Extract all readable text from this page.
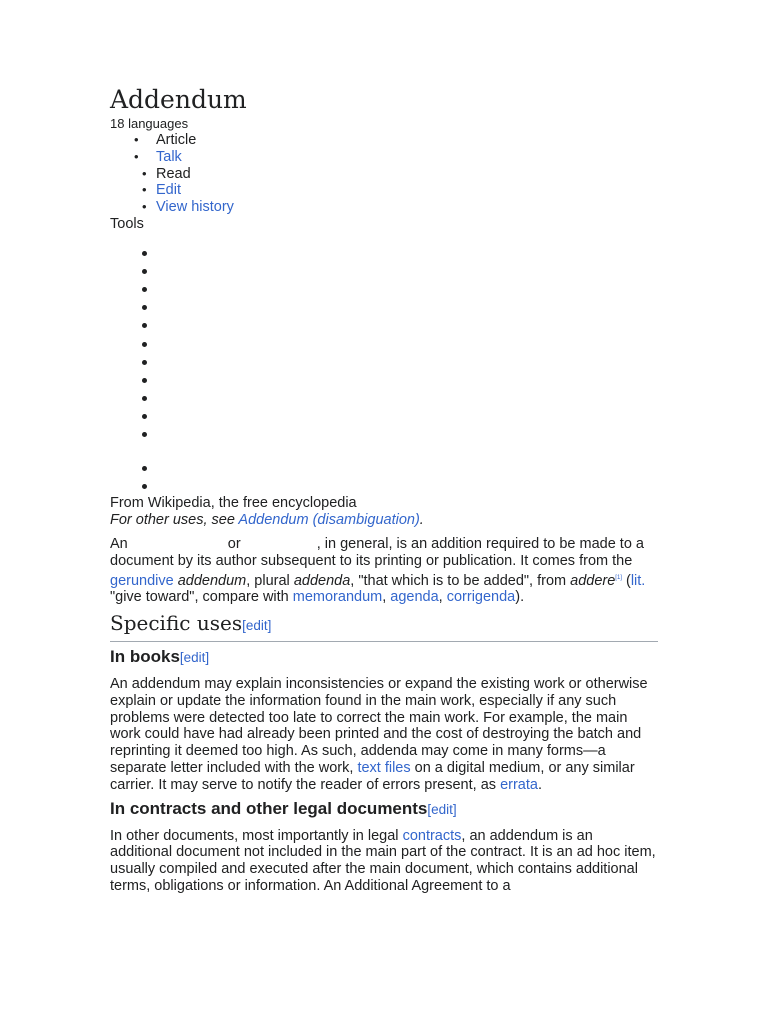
Addendum
18 languages
• Article
• Talk
• Read
• Edit
• View history
Tools
From Wikipedia, the free encyclopedia
For other uses, see Addendum (disambiguation).

An	or	, in general, is an addition required to be made to a document by its author subsequent to its printing or publication. It comes from the gerundive addendum, plural addenda, "that which is to be added", from addere[1] (lit. "give toward", compare with memorandum, agenda, corrigenda).

Specific uses[edit]
In books[edit]

An addendum may explain inconsistencies or expand the existing work or otherwise explain or update the information found in the main work, especially if any such problems were detected too late to correct the main work. For example, the main work could have had already been printed and the cost of destroying the batch and reprinting it deemed too high. As such, addenda may come in many forms—a separate letter included with the work, text files on a digital medium, or any similar carrier. It may serve to notify the reader of errors present, as errata.

In contracts and other legal documents[edit]

In other documents, most importantly in legal contracts, an addendum is an additional document not included in the main part of the contract. It is an ad hoc item, usually compiled and executed after the main document, which contains additional terms, obligations or information. An Additional Agreement to a
